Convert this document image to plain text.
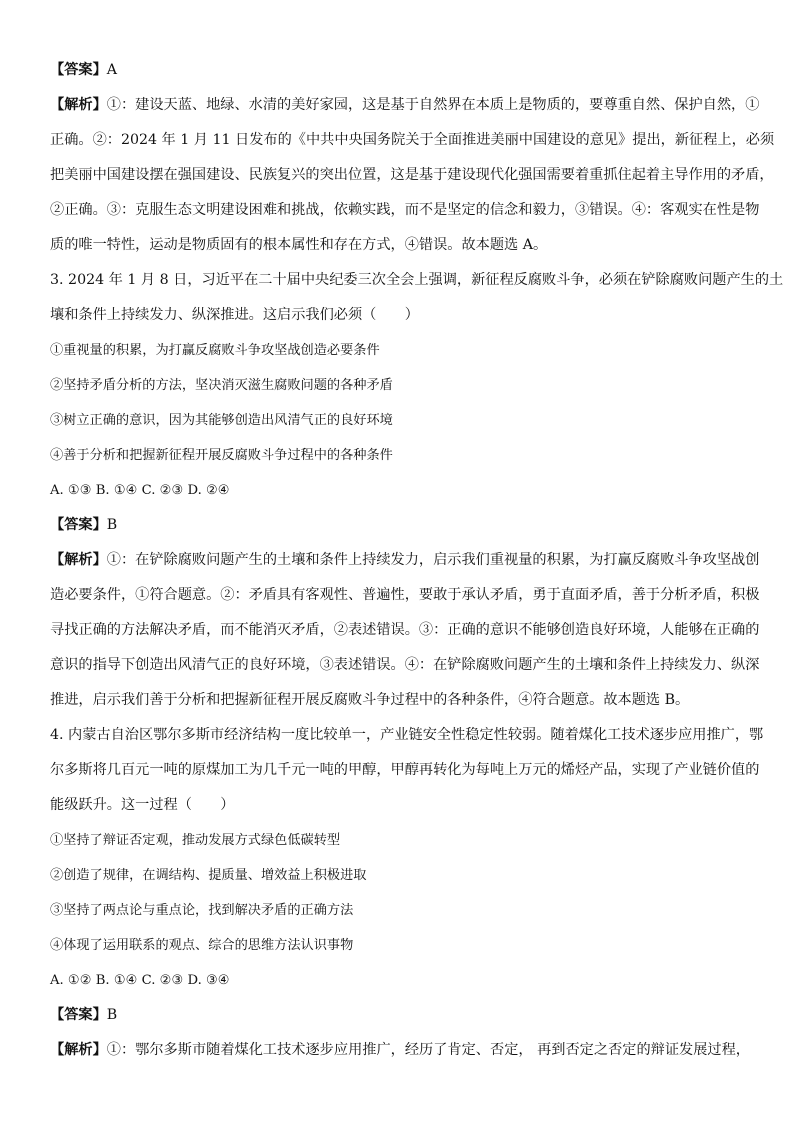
【答案】A
【解析】①：建设天蓝、地绿、水清的美好家园，这是基于自然界在本质上是物质的，要尊重自然、保护自然，①
正确。②：2024 年 1 月 11 日发布的《中共中央国务院关于全面推进美丽中国建设的意见》提出，新征程上，必须
把美丽中国建设摆在强国建设、民族复兴的突出位置，这是基于建设现代化强国需要着重抓住起着主导作用的矛盾，
②正确。③：克服生态文明建设困难和挑战，依赖实践，而不是坚定的信念和毅力，③错误。④：客观实在性是物
质的唯一特性，运动是物质固有的根本属性和存在方式，④错误。故本题选 A。
3. 2024 年 1 月 8 日，习近平在二十届中央纪委三次全会上强调，新征程反腐败斗争，必须在铲除腐败问题产生的土
壤和条件上持续发力、纵深推进。这启示我们必须（　　）
①重视量的积累，为打赢反腐败斗争攻坚战创造必要条件
②坚持矛盾分析的方法，坚决消灭滋生腐败问题的各种矛盾
③树立正确的意识，因为其能够创造出风清气正的良好环境
④善于分析和把握新征程开展反腐败斗争过程中的各种条件
A. ①③ B. ①④ C. ②③ D. ②④
【答案】B
【解析】①：在铲除腐败问题产生的土壤和条件上持续发力，启示我们重视量的积累，为打赢反腐败斗争攻坚战创
造必要条件，①符合题意。②：矛盾具有客观性、普遍性，要敢于承认矛盾，勇于直面矛盾，善于分析矛盾，积极
寻找正确的方法解决矛盾，而不能消灭矛盾，②表述错误。③：正确的意识不能够创造良好环境，人能够在正确的
意识的指导下创造出风清气正的良好环境，③表述错误。④：在铲除腐败问题产生的土壤和条件上持续发力、纵深
推进，启示我们善于分析和把握新征程开展反腐败斗争过程中的各种条件，④符合题意。故本题选 B。
4. 内蒙古自治区鄂尔多斯市经济结构一度比较单一，产业链安全性稳定性较弱。随着煤化工技术逐步应用推广，鄂
尔多斯将几百元一吨的原煤加工为几千元一吨的甲醇，甲醇再转化为每吨上万元的烯烃产品，实现了产业链价值的
能级跃升。这一过程（　　）
①坚持了辩证否定观，推动发展方式绿色低碳转型
②创造了规律，在调结构、提质量、增效益上积极进取
③坚持了两点论与重点论，找到解决矛盾的正确方法
④体现了运用联系的观点、综合的思维方法认识事物
A. ①② B. ①④ C. ②③ D. ③④
【答案】B
【解析】①：鄂尔多斯市随着煤化工技术逐步应用推广，经历了肯定、否定， 再到否定之否定的辩证发展过程，
